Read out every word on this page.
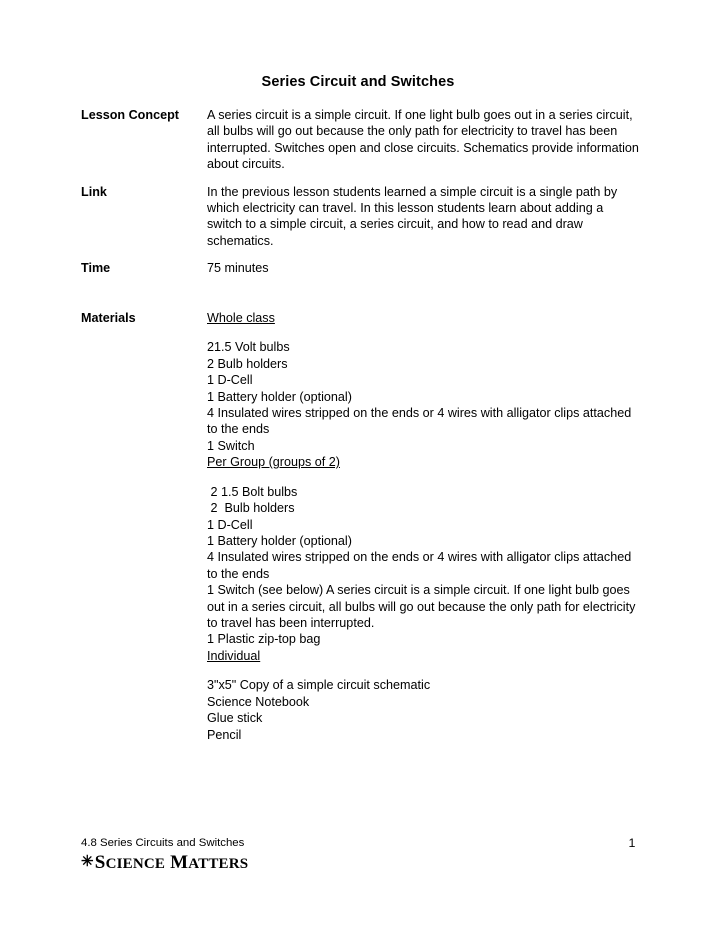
Series Circuit and Switches
Lesson Concept	A series circuit is a simple circuit. If one light bulb goes out in a series circuit, all bulbs will go out because the only path for electricity to travel has been interrupted. Switches open and close circuits. Schematics provide information about circuits.

Link	In the previous lesson students learned a simple circuit is a single path by which electricity can travel. In this lesson students learn about adding a switch to a simple circuit, a series circuit, and how to read and draw schematics.

Time	75 minutes

Materials	Whole class

21.5 Volt bulbs

2 Bulb holders

1 D-Cell

1 Battery holder (optional)

4 Insulated wires stripped on the ends or 4 wires with alligator clips attached to the ends

1 Switch

Per Group (groups of 2)

2 1.5 Bolt bulbs

2  Bulb holders

1 D-Cell

1 Battery holder (optional)

4 Insulated wires stripped on the ends or 4 wires with alligator clips attached to the ends

1 Switch (see below) A series circuit is a simple circuit. If one light bulb goes out in a series circuit, all bulbs will go out because the only path for electricity to travel has been interrupted.

1 Plastic zip-top bag

Individual

3"x5" Copy of a simple circuit schematic

Science Notebook

Glue stick

Pencil

4.8 Series Circuits and Switches
✳SCIENCE MATTERS
1
